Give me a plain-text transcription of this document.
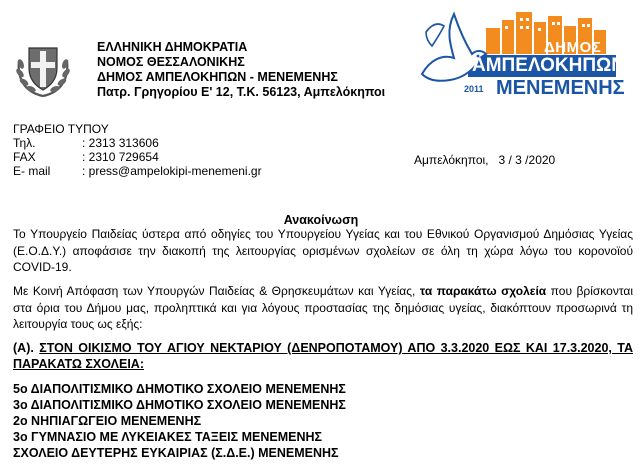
ΕΛΛΗΝΙΚΗ ΔΗΜΟΚΡΑΤΙΑ
ΝΟΜΟΣ ΘΕΣΣΑΛΟΝΙΚΗΣ
ΔΗΜΟΣ ΑΜΠΕΛΟΚΗΠΩΝ - ΜΕΝΕΜΕΝΗΣ
Πατρ. Γρηγορίου Ε' 12, Τ.Κ. 56123, Αμπελόκηποι
ΔΗΜΟΣ
ΑΜΠΕΛΟΚΗΠΩΝ
ΜΕΝΕΜΕΝΗΣ
2011
ΓΡΑΦΕΙΟ ΤΥΠΟΥ
Τηλ.	: 2313 313606
FAX	: 2310 729654
E- mail	: press@ampelokipi-menemeni.gr
Αμπελόκηποι,   3 / 3 /2020
Ανακοίνωση
Το Υπουργείο Παιδείας ύστερα από οδηγίες του Υπουργείου Υγείας και του Εθνικού Οργανισμού Δημόσιας Υγείας (Ε.Ο.Δ.Υ.) αποφάσισε την διακοπή της λειτουργίας ορισμένων σχολείων σε όλη τη χώρα λόγω του κορονοϊού COVID-19.
Με Κοινή Απόφαση των Υπουργών Παιδείας & Θρησκευμάτων και Υγείας, τα παρακάτω σχολεία που βρίσκονται στα όρια του Δήμου μας, προληπτικά και για λόγους προστασίας της δημόσιας υγείας, διακόπτουν προσωρινά τη λειτουργία τους ως εξής:
(Α). ΣΤΟΝ ΟΙΚΙΣΜΟ ΤΟΥ ΑΓΙΟΥ ΝΕΚΤΑΡΙΟΥ (ΔΕΝΡΟΠΟΤΑΜΟΥ) ΑΠΟ 3.3.2020 ΕΩΣ ΚΑΙ 17.3.2020, ΤΑ ΠΑΡΑΚΑΤΩ ΣΧΟΛΕΙΑ:
5ο ΔΙΑΠΟΛΙΤΙΣΜΙΚΟ ΔΗΜΟΤΙΚΟ ΣΧΟΛΕΙΟ ΜΕΝΕΜΕΝΗΣ
3ο ΔΙΑΠΟΛΙΤΙΣΜΙΚΟ ΔΗΜΟΤΙΚΟ ΣΧΟΛΕΙΟ ΜΕΝΕΜΕΝΗΣ
2ο ΝΗΠΙΑΓΩΓΕΙΟ ΜΕΝΕΜΕΝΗΣ
3ο ΓΥΜΝΑΣΙΟ ΜΕ ΛΥΚΕΙΑΚΕΣ ΤΑΞΕΙΣ ΜΕΝΕΜΕΝΗΣ
ΣΧΟΛΕΙΟ ΔΕΥΤΕΡΗΣ ΕΥΚΑΙΡΙΑΣ (Σ.Δ.Ε.) ΜΕΝΕΜΕΝΗΣ
